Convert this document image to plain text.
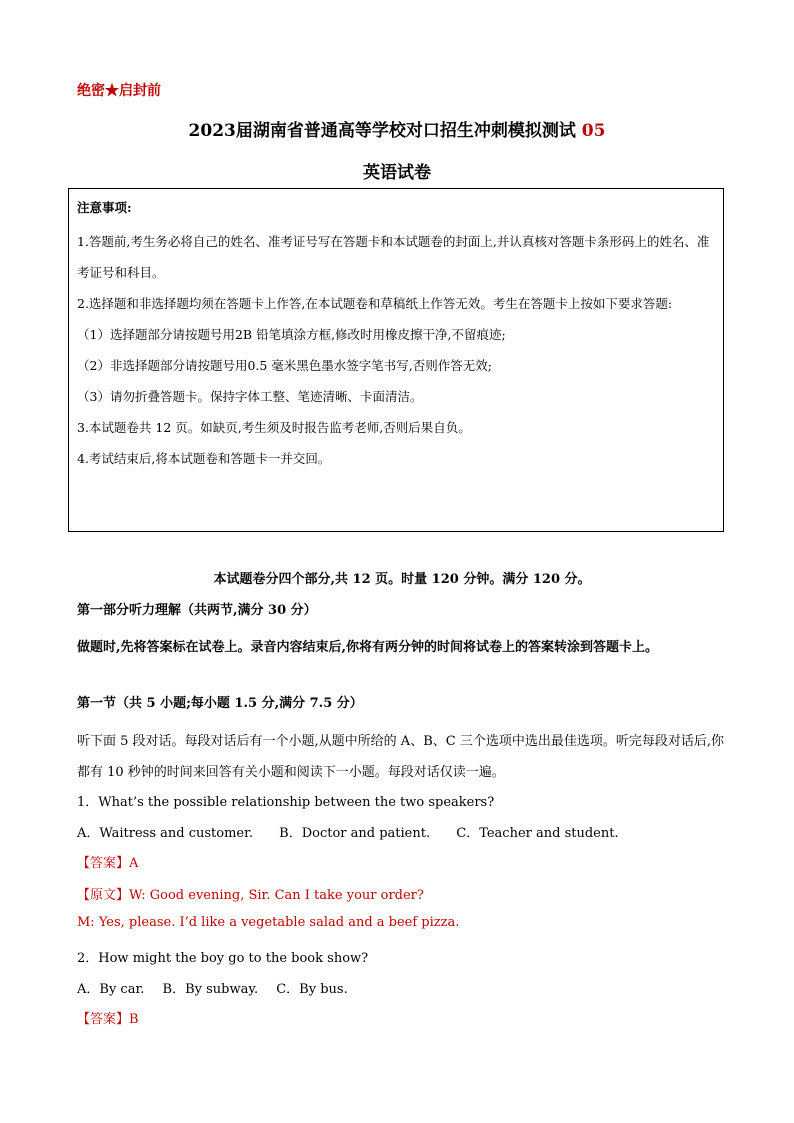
绝密★启封前
2023届湖南省普通高等学校对口招生冲刺模拟测试 05
英语试卷
注意事项:
1.答题前,考生务必将自己的姓名、准考证号写在答题卡和本试题卷的封面上,并认真核对答题卡条形码上的姓名、准考证号和科目。
2.选择题和非选择题均须在答题卡上作答,在本试题卷和草稿纸上作答无效。考生在答题卡上按如下要求答题:
（1）选择题部分请按题号用2B 铅笔填涂方框,修改时用橡皮擦干净,不留痕迹;
（2）非选择题部分请按题号用0.5 毫米黑色墨水签字笔书写,否则作答无效;
（3）请勿折叠答题卡。保持字体工整、笔迹清晰、卡面清洁。
3.本试题卷共 12 页。如缺页,考生须及时报告监考老师,否则后果自负。
4.考试结束后,将本试题卷和答题卡一并交回。
本试题卷分四个部分,共 12 页。时量 120 分钟。满分 120 分。
第一部分听力理解（共两节,满分 30 分）
做题时,先将答案标在试卷上。录音内容结束后,你将有两分钟的时间将试卷上的答案转涂到答题卡上。
第一节（共 5 小题;每小题 1.5 分,满分 7.5 分）
听下面 5 段对话。每段对话后有一个小题,从题中所给的 A、B、C 三个选项中选出最佳选项。听完每段对话后,你都有 10 秒钟的时间来回答有关小题和阅读下一小题。每段对话仅读一遍。
1．What’s the possible relationship between the two speakers?
A．Waitress and customer. B．Doctor and patient. C．Teacher and student.
【答案】A
【原文】W: Good evening, Sir. Can I take your order?
M: Yes, please. I’d like a vegetable salad and a beef pizza.
2．How might the boy go to the book show?
A．By car. B．By subway. C．By bus.
【答案】B
